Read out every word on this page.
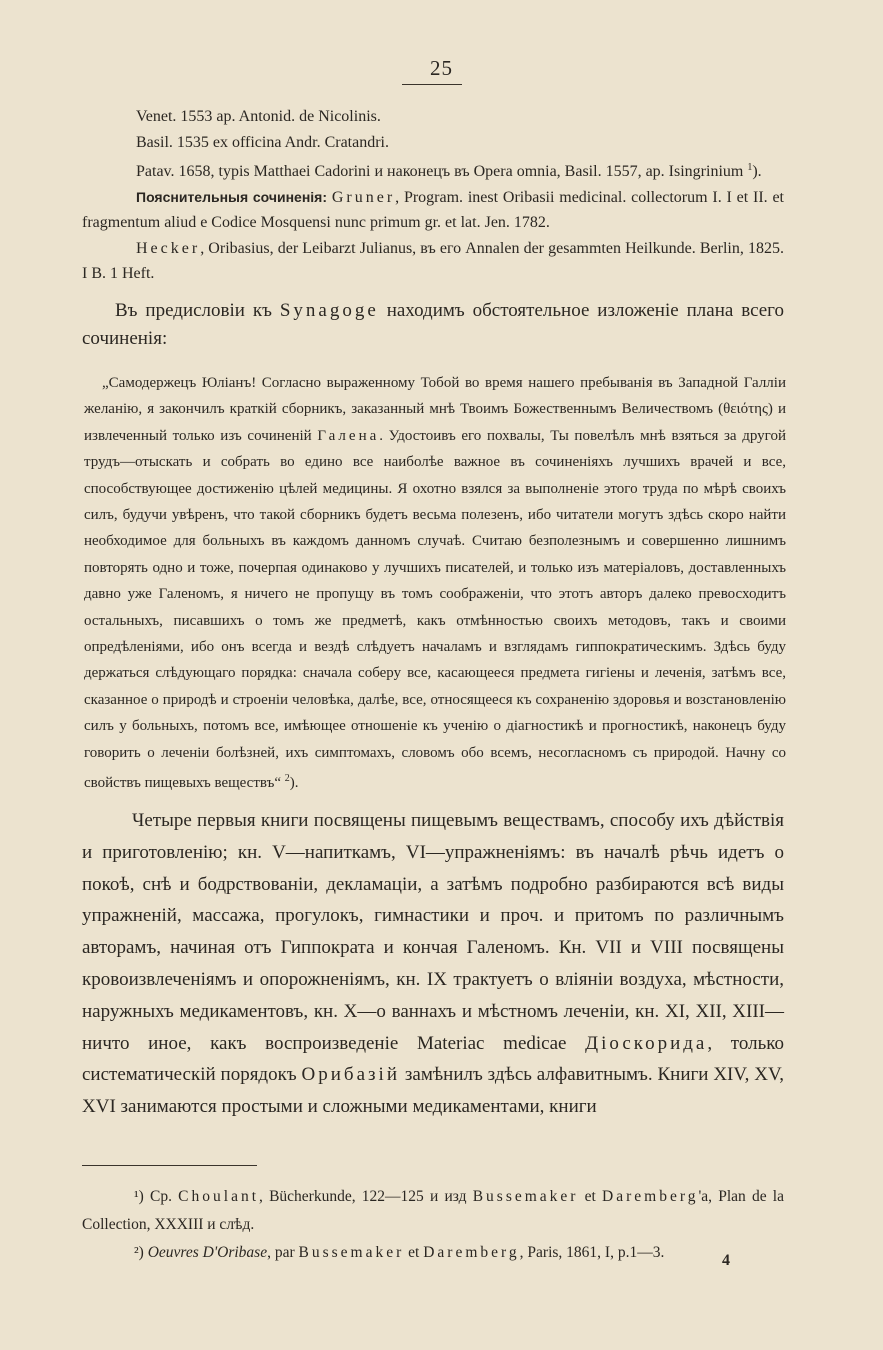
25

Venet. 1553 ap. Antonid. de Nicolinis.

Basil. 1535 ex officina Andr. Cratandri.

Patav. 1658, typis Matthaei Cadorini и наконецъ въ Opera omnia, Basil. 1557, ap. Isingrinium $^1$).

Пояснительныя сочиненія: Gruner, Program. inest Oribasii medicinal. collectorum I. I et II. et fragmentum aliud e Codice Mosquensi nunc primum gr. et lat. Jen. 1782.

Hecker, Oribasius, der Leibarzt Julianus, въ его Annalen der gesammten Heilkunde. Berlin, 1825. I B. 1 Heft.

Въ предисловіи къ Synagoge находимъ обстоятельное изложеніе плана всего сочиненія:

„Самодержецъ Юліанъ! Согласно выраженному Тобой во время нашего пребыванія въ Западной Галліи желанію, я закончилъ краткій сборникъ, заказанный мнѣ Твоимъ Божественнымъ Величествомъ (θειότης) и извлеченный только изъ сочиненій Галена. Удостоивъ его похвалы, Ты повелѣлъ мнѣ взяться за другой трудъ—отыскать и собрать во едино все наиболѣе важное въ сочиненіяхъ лучшихъ врачей и все, способствующее достиженію цѣлей медицины. Я охотно взялся за выполненіе этого труда по мѣрѣ своихъ силъ, будучи увѣренъ, что такой сборникъ будетъ весьма полезенъ, ибо читатели могутъ здѣсь скоро найти необходимое для больныхъ въ каждомъ данномъ случаѣ. Считаю безполезнымъ и совершенно лишнимъ повторять одно и тоже, почерпая одинаково у лучшихъ писателей, и только изъ матеріаловъ, доставленныхъ давно уже Галеномъ, я ничего не пропущу въ томъ соображеніи, что этотъ авторъ далеко превосходитъ остальныхъ, писавшихъ о томъ же предметѣ, какъ отмѣнностью своихъ методовъ, такъ и своими опредѣленіями, ибо онъ всегда и вездѣ слѣдуетъ началамъ и взглядамъ гиппократическимъ. Здѣсь буду держаться слѣдующаго порядка: сначала соберу все, касающееся предмета гигіены и леченія, затѣмъ все, сказанное о природѣ и строеніи человѣка, далѣе, все, относящееся къ сохраненію здоровья и возстановленію силъ у больныхъ, потомъ все, имѣющее отношеніе къ ученію о діагностикѣ и прогностикѣ, наконецъ буду говорить о леченіи болѣзней, ихъ симптомахъ, словомъ обо всемъ, несогласномъ съ природой. Начну со свойствъ пищевыхъ веществъ“ $^2$).

Четыре первыя книги посвящены пищевымъ веществамъ, способу ихъ дѣйствія и приготовленію; кн. V—напиткамъ, VI—упражненіямъ: въ началѣ рѣчь идетъ о покоѣ, снѣ и бодрствованіи, декламаціи, а затѣмъ подробно разбираются всѣ виды упражненій, массажа, прогулокъ, гимнастики и проч. и притомъ по различнымъ авторамъ, начиная отъ Гиппократа и кончая Галеномъ. Кн. VII и VIII посвящены кровоизвлеченіямъ и опорожненіямъ, кн. IX трактуетъ о вліяніи воздуха, мѣстности, наружныхъ медикаментовъ, кн. X—о ваннахъ и мѣстномъ леченіи, кн. XI, XII, XIII—ничто иное, какъ воспроизведеніе Materiac medicae Діоскорида, только систематическій порядокъ Орибазій замѣнилъ здѣсь алфавитнымъ. Книги XIV, XV, XVI занимаются простыми и сложными медикаментами, книги

¹) Cp. Choulant, Bücherkunde, 122—125 и изд Bussemaker et Daremberg'a, Plan de la Collection, XXXIII и слѣд.

²) Oeuvres D'Oribase, par Bussemaker et Daremberg, Paris, 1861, I, p.1—3.	4
